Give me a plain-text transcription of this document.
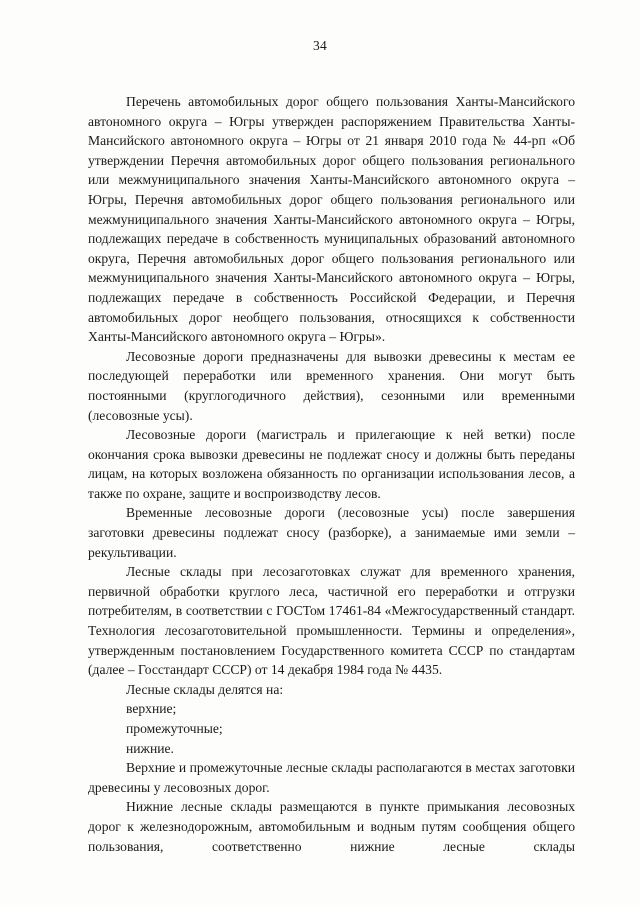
34

Перечень автомобильных дорог общего пользования Ханты-Мансийского автономного округа – Югры утвержден распоряжением Правительства Ханты-Мансийского автономного округа – Югры от 21 января 2010 года № 44-рп «Об утверждении Перечня автомобильных дорог общего пользования регионального или межмуниципального значения Ханты-Мансийского автономного округа – Югры, Перечня автомобильных дорог общего пользования регионального или межмуниципального значения Ханты-Мансийского автономного округа – Югры, подлежащих передаче в собственность муниципальных образований автономного округа, Перечня автомобильных дорог общего пользования регионального или межмуниципального значения Ханты-Мансийского автономного округа – Югры, подлежащих передаче в собственность Российской Федерации, и Перечня автомобильных дорог необщего пользования, относящихся к собственности Ханты-Мансийского автономного округа – Югры».

Лесовозные дороги предназначены для вывозки древесины к местам ее последующей переработки или временного хранения. Они могут быть постоянными (круглогодичного действия), сезонными или временными (лесовозные усы).

Лесовозные дороги (магистраль и прилегающие к ней ветки) после окончания срока вывозки древесины не подлежат сносу и должны быть переданы лицам, на которых возложена обязанность по организации использования лесов, а также по охране, защите и воспроизводству лесов.

Временные лесовозные дороги (лесовозные усы) после завершения заготовки древесины подлежат сносу (разборке), а занимаемые ими земли – рекультивации.

Лесные склады при лесозаготовках служат для временного хранения, первичной обработки круглого леса, частичной его переработки и отгрузки потребителям, в соответствии с ГОСТом 17461-84 «Межгосударственный стандарт. Технология лесозаготовительной промышленности. Термины и определения», утвержденным постановлением Государственного комитета СССР по стандартам (далее – Госстандарт СССР) от 14 декабря 1984 года № 4435.

Лесные склады делятся на:

верхние;

промежуточные;

нижние.

Верхние и промежуточные лесные склады располагаются в местах заготовки древесины у лесовозных дорог.

Нижние лесные склады размещаются в пункте примыкания лесовозных дорог к железнодорожным, автомобильным и водным путям сообщения общего пользования, соответственно нижние лесные склады
